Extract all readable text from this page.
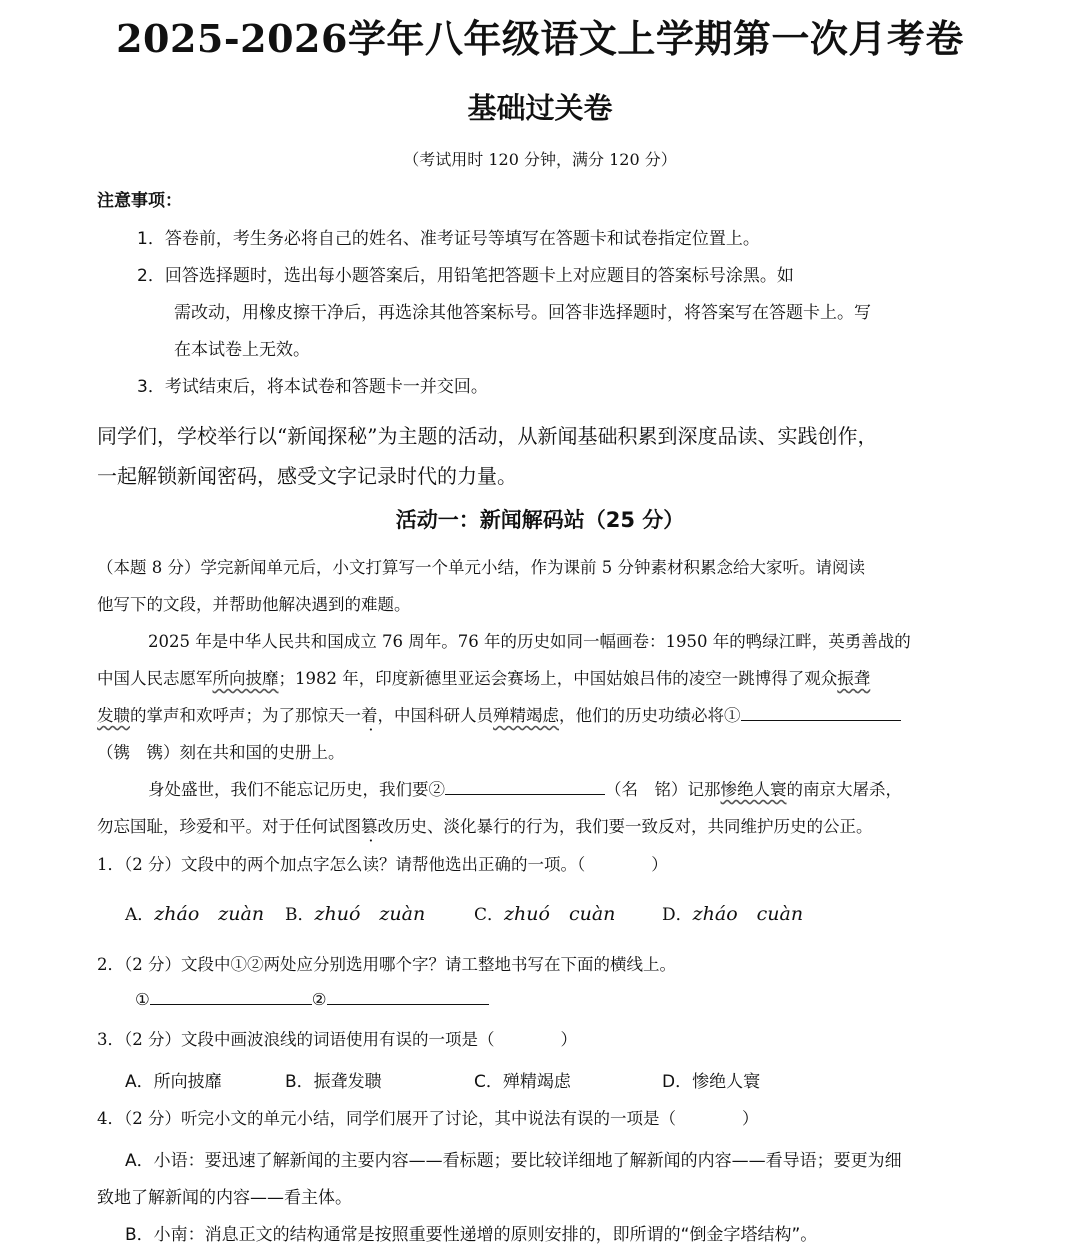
2025-2026学年八年级语文上学期第一次月考卷
基础过关卷
（考试用时 120 分钟，满分 120 分）
注意事项：
1．答卷前，考生务必将自己的姓名、准考证号等填写在答题卡和试卷指定位置上。
2．回答选择题时，选出每小题答案后，用铅笔把答题卡上对应题目的答案标号涂黑。如
需改动，用橡皮擦干净后，再选涂其他答案标号。回答非选择题时，将答案写在答题卡上。写
在本试卷上无效。
3．考试结束后，将本试卷和答题卡一并交回。
同学们，学校举行以“新闻探秘”为主题的活动，从新闻基础积累到深度品读、实践创作，
一起解锁新闻密码，感受文字记录时代的力量。
活动一：新闻解码站（25 分）
（本题 8 分）学完新闻单元后，小文打算写一个单元小结，作为课前 5 分钟素材积累念给大家听。请阅读
他写下的文段，并帮助他解决遇到的难题。
2025 年是中华人民共和国成立 76 周年。76 年的历史如同一幅画卷：1950 年的鸭绿江畔，英勇善战的
中国人民志愿军所向披靡；1982 年，印度新德里亚运会赛场上，中国姑娘吕伟的凌空一跳博得了观众振聋
发聩的掌声和欢呼声；为了那惊天一着，中国科研人员殚精竭虑，他们的历史功绩必将①
（镌　镌）刻在共和国的史册上。
身处盛世，我们不能忘记历史，我们要②	（名　铭）记那惨绝人寰的南京大屠杀，
勿忘国耻，珍爱和平。对于任何试图篡改历史、淡化暴行的行为，我们要一致反对，共同维护历史的公正。
1．（2 分）文段中的两个加点字怎么读？请帮他选出正确的一项。（　　　　）
A．zháo　zuàn B．zhuó　zuàn	C．zhuó　cuàn	D．zháo　cuàn
2．（2 分）文段中①②两处应分别选用哪个字？请工整地书写在下面的横线上。
①	②
3．（2 分）文段中画波浪线的词语使用有误的一项是（　　　　）
A．所向披靡	B．振聋发聩	C．殚精竭虑	D．惨绝人寰
4．（2 分）听完小文的单元小结，同学们展开了讨论，其中说法有误的一项是（　　　　）
A．小语：要迅速了解新闻的主要内容——看标题；要比较详细地了解新闻的内容——看导语；要更为细
致地了解新闻的内容——看主体。
B．小南：消息正文的结构通常是按照重要性递增的原则安排的，即所谓的“倒金字塔结构”。
